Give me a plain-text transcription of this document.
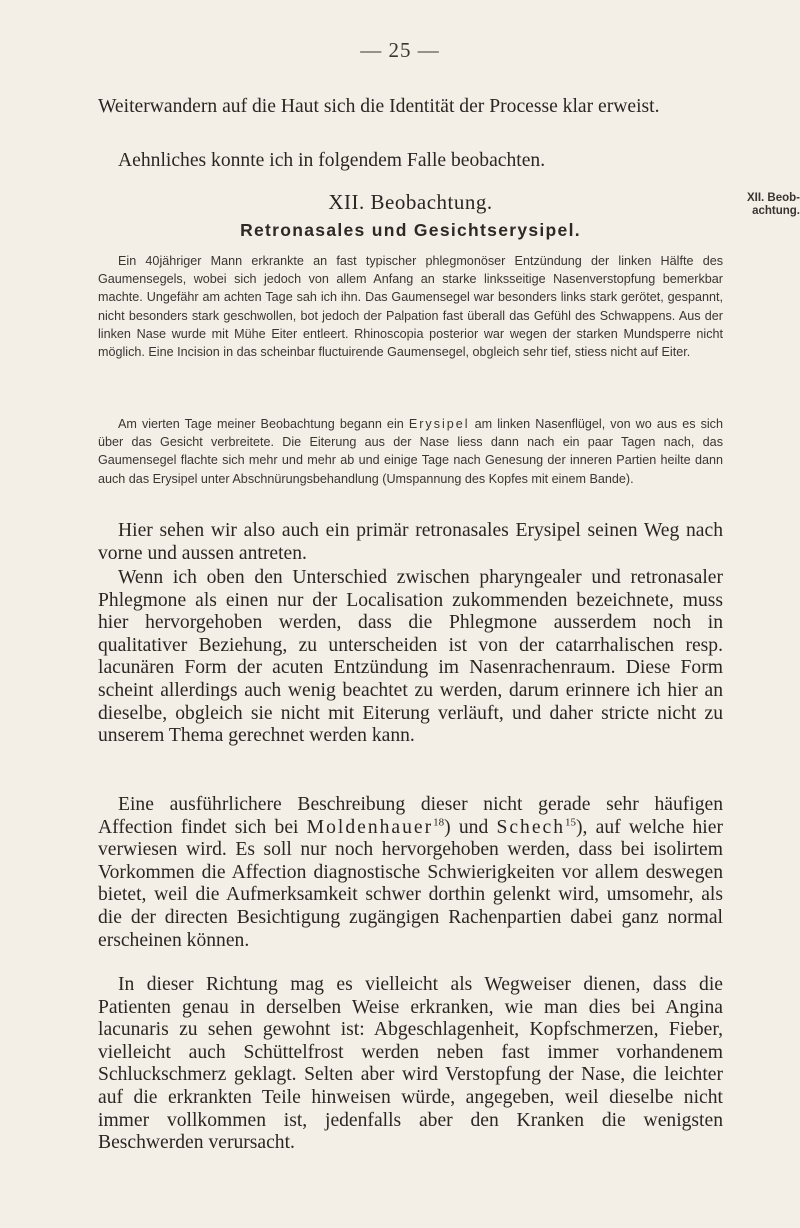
— 25 —

Weiterwandern auf die Haut sich die Identität der Processe klar erweist.

Aehnliches konnte ich in folgendem Falle beobachten.

XII. Beobachtung.	XII. Beob-achtung.
Retronasales und Gesichtserysipel.

Ein 40jähriger Mann erkrankte an fast typischer phlegmonöser Entzündung der linken Hälfte des Gaumensegels, wobei sich jedoch von allem Anfang an starke linksseitige Nasenverstopfung bemerkbar machte. Ungefähr am achten Tage sah ich ihn. Das Gaumensegel war besonders links stark gerötet, gespannt, nicht besonders stark geschwollen, bot jedoch der Palpation fast überall das Gefühl des Schwappens. Aus der linken Nase wurde mit Mühe Eiter entleert. Rhinoscopia posterior war wegen der starken Mundsperre nicht möglich. Eine Incision in das scheinbar fluctuirende Gaumensegel, obgleich sehr tief, stiess nicht auf Eiter.

Am vierten Tage meiner Beobachtung begann ein Erysipel am linken Nasenflügel, von wo aus es sich über das Gesicht verbreitete. Die Eiterung aus der Nase liess dann nach ein paar Tagen nach, das Gaumensegel flachte sich mehr und mehr ab und einige Tage nach Genesung der inneren Partien heilte dann auch das Erysipel unter Abschnürungsbehandlung (Umspannung des Kopfes mit einem Bande).

Hier sehen wir also auch ein primär retronasales Erysipel seinen Weg nach vorne und aussen antreten.

Wenn ich oben den Unterschied zwischen pharyngealer und retronasaler Phlegmone als einen nur der Localisation zukommenden bezeichnete, muss hier hervorgehoben werden, dass die Phlegmone ausserdem noch in qualitativer Beziehung, zu unterscheiden ist von der catarrhalischen resp. lacunären Form der acuten Entzündung im Nasenrachenraum. Diese Form scheint allerdings auch wenig beachtet zu werden, darum erinnere ich hier an dieselbe, obgleich sie nicht mit Eiterung verläuft, und daher stricte nicht zu unserem Thema gerechnet werden kann.

Eine ausführlichere Beschreibung dieser nicht gerade sehr häufigen Affection findet sich bei Moldenhauer$^{18}$) und Schech$^{15}$), auf welche hier verwiesen wird. Es soll nur noch hervorgehoben werden, dass bei isolirtem Vorkommen die Affection diagnostische Schwierigkeiten vor allem deswegen bietet, weil die Aufmerksamkeit schwer dorthin gelenkt wird, umsomehr, als die der directen Besichtigung zugängigen Rachenpartien dabei ganz normal erscheinen können.

In dieser Richtung mag es vielleicht als Wegweiser dienen, dass die Patienten genau in derselben Weise erkranken, wie man dies bei Angina lacunaris zu sehen gewohnt ist: Abgeschlagenheit, Kopfschmerzen, Fieber, vielleicht auch Schüttelfrost werden neben fast immer vorhandenem Schluckschmerz geklagt. Selten aber wird Verstopfung der Nase, die leichter auf die erkrankten Teile hinweisen würde, angegeben, weil dieselbe nicht immer vollkommen ist, jedenfalls aber den Kranken die wenigsten Beschwerden verursacht.
